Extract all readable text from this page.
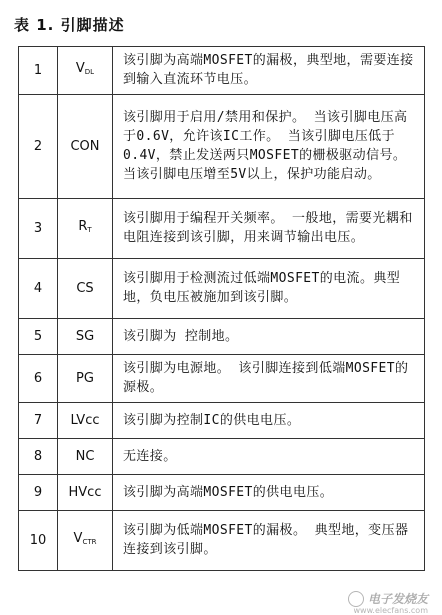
表 1. 引脚描述
1	$V_{DL}$	该引脚为高端MOSFET的漏极，典型地，需要连接到输入直流环节电压。
2	CON	该引脚用于启用/禁用和保护。 当该引脚电压高于0.6V，允许该IC工作。 当该引脚电压低于0.4V，禁止发送两只MOSFET的栅极驱动信号。 当该引脚电压增至5V以上，保护功能启动。
3	$R_T$	该引脚用于编程开关频率。 一般地，需要光耦和电阻连接到该引脚，用来调节输出电压。
4	CS	该引脚用于检测流过低端MOSFET的电流。典型地，负电压被施加到该引脚。
5	SG	该引脚为 控制地。
6	PG	该引脚为电源地。 该引脚连接到低端MOSFET的源极。
7	LVcc	该引脚为控制IC的供电电压。
8	NC	无连接。
9	HVcc	该引脚为高端MOSFET的供电电压。
10	$V_{CTR}$	该引脚为低端MOSFET的漏极。 典型地，变压器连接到该引脚。
电子发烧友
www.elecfans.com
